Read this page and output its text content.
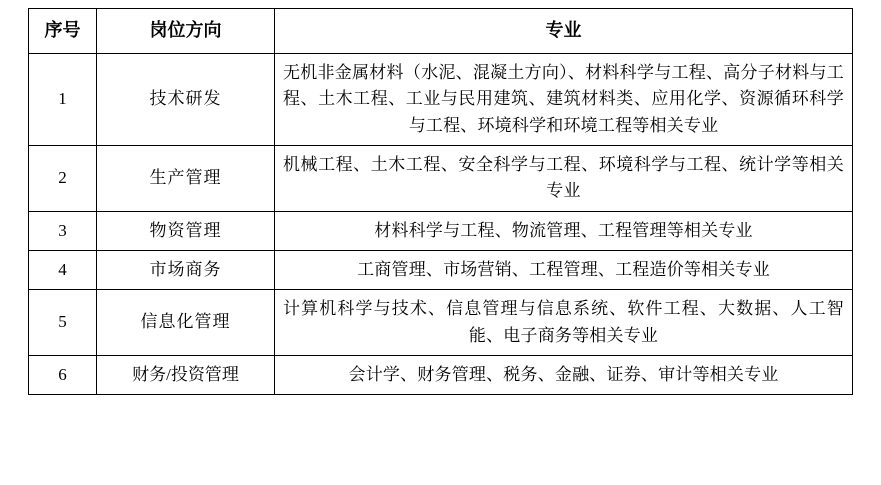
序号	岗位方向	专业
1	技术研发	无机非金属材料（水泥、混凝土方向）、材料科学与工程、高分子材料与工程、土木工程、工业与民用建筑、建筑材料类、应用化学、资源循环科学与工程、环境科学和环境工程等相关专业
2	生产管理	机械工程、土木工程、安全科学与工程、环境科学与工程、统计学等相关专业
3	物资管理	材料科学与工程、物流管理、工程管理等相关专业
4	市场商务	工商管理、市场营销、工程管理、工程造价等相关专业
5	信息化管理	计算机科学与技术、信息管理与信息系统、软件工程、大数据、人工智能、电子商务等相关专业
6	财务/投资管理	会计学、财务管理、税务、金融、证券、审计等相关专业
